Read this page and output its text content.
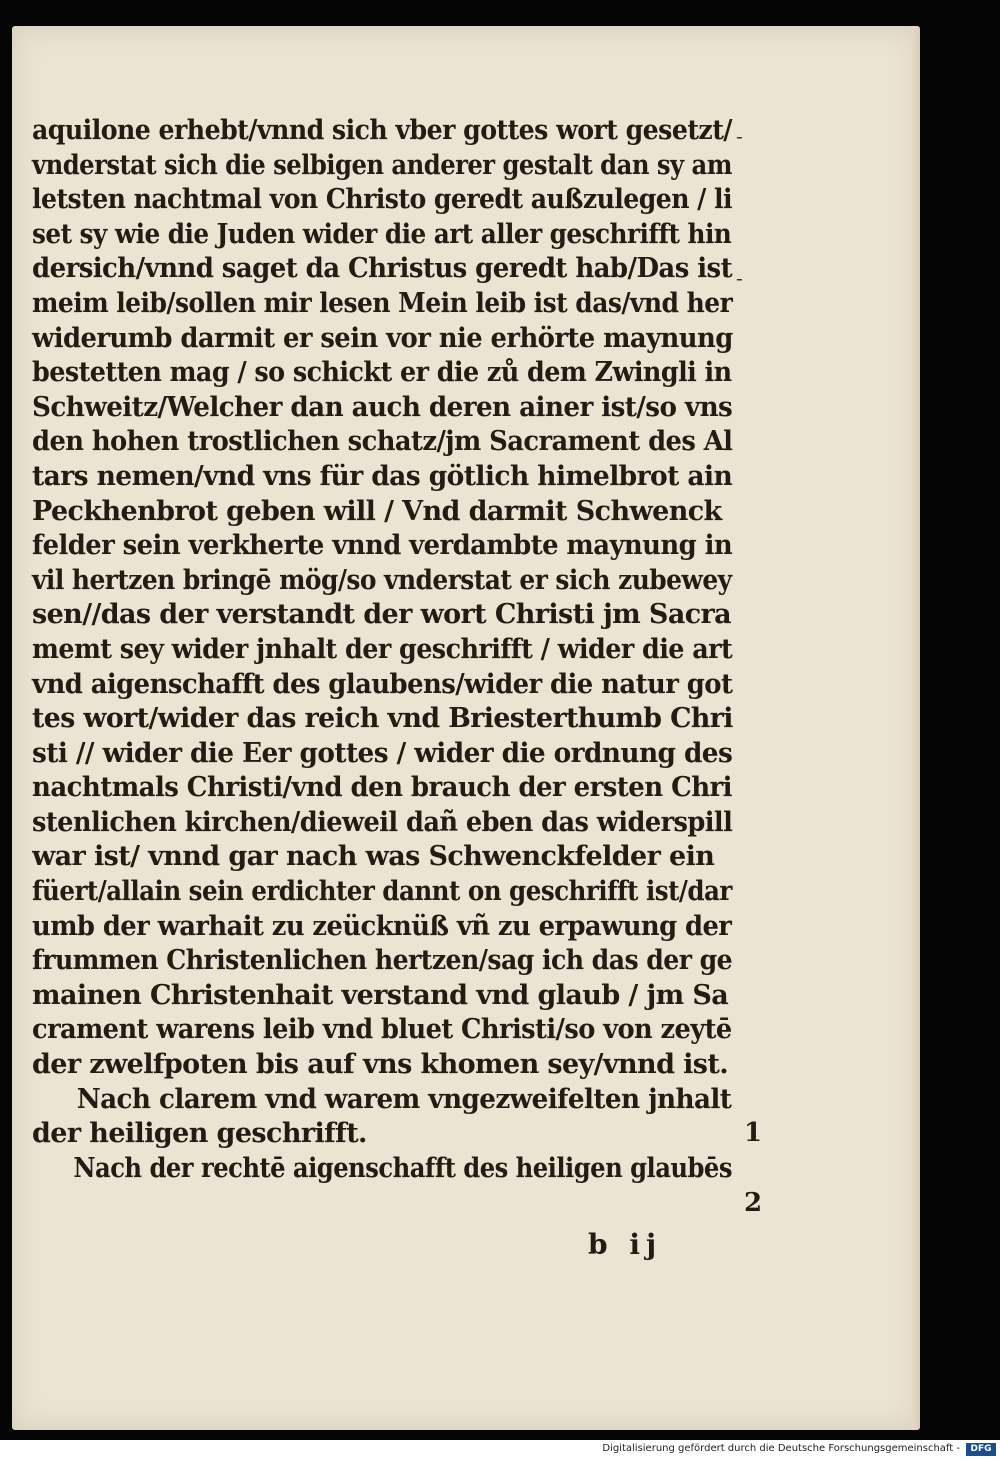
aquilone erhebt/vnnd sich vber gottes wort gesetzt/
vnderstat sich die selbigen anderer gestalt dan sy am
letsten nachtmal von Christo geredt außzulegen / li
set sy wie die Juden wider die art aller geschrifft hin
dersich/vnnd saget da Christus geredt hab/Das ist
meim leib/sollen mir lesen Mein leib ist das/vnd her
widerumb darmit er sein vor nie erhörte maynung
bestetten mag / so schickt er die zů dem Zwingli in
Schweitz/Welcher dan auch deren ainer ist/so vns
den hohen trostlichen schatz/jm Sacrament des Al
tars nemen/vnd vns für das götlich himelbrot ain
Peckhenbrot geben will / Vnd darmit Schwenck
felder sein verkherte vnnd verdambte maynung in
vil hertzen bringē mög/so vnderstat er sich zubewey
sen//das der verstandt der wort Christi jm Sacra
memt sey wider jnhalt der geschrifft / wider die art
vnd aigenschafft des glaubens/wider die natur got
tes wort/wider das reich vnd Briesterthumb Chri
sti // wider die Eer gottes / wider die ordnung des
nachtmals Christi/vnd den brauch der ersten Chri
stenlichen kirchen/dieweil dañ eben das widerspill
war ist/ vnnd gar nach was Schwenckfelder ein
füert/allain sein erdichter dannt on geschrifft ist/dar
umb der warhait zu zeücknüß vñ zu erpawung der
frummen Christenlichen hertzen/sag ich das der ge
mainen Christenhait verstand vnd glaub / jm Sa
crament warens leib vnd bluet Christi/so von zeytē
der zwelfpoten bis auf vns khomen sey/vnnd ist.
Nach clarem vnd warem vngezweifelten jnhalt
der heiligen geschrifft.
Nach der rechtē aigenschafft des heiligen glaubēs
-
-
1
2
b ij
Digitalisierung gefördert durch die Deutsche Forschungsgemeinschaft -	DFG
